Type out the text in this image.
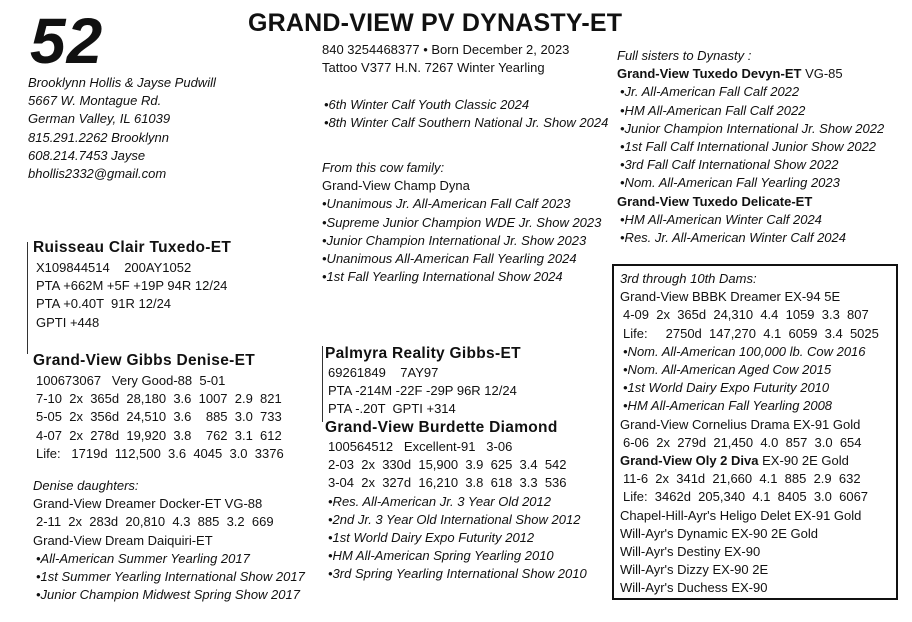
52	GRAND-VIEW PV DYNASTY-ET
Brooklynn Hollis & Jayse Pudwill
5667 W. Montague Rd.
German Valley, IL 61039
815.291.2262 Brooklynn
608.214.7453 Jayse
bhollis2332@gmail.com
840 3254468377 • Born December 2, 2023
Tattoo V377 H.N. 7267 Winter Yearling
•6th Winter Calf Youth Classic 2024
•8th Winter Calf Southern National Jr. Show 2024
From this cow family:
Grand-View Champ Dyna
•Unanimous Jr. All-American Fall Calf 2023
•Supreme Junior Champion WDE Jr. Show 2023
•Junior Champion International Jr. Show 2023
•Unanimous All-American Fall Yearling 2024
•1st Fall Yearling International Show 2024
Ruisseau Clair Tuxedo-ET
X109844514    200AY1052
PTA +662M +5F +19P 94R 12/24
PTA +0.40T  91R 12/24
GPTI +448
Grand-View Gibbs Denise-ET
100673067   Very Good-88  5-01
7-10  2x  365d  28,180  3.6  1007  2.9  821
5-05  2x  356d  24,510  3.6    885  3.0  733
4-07  2x  278d  19,920  3.8    762  3.1  612
Life:   1719d  112,500  3.6  4045  3.0  3376
Denise daughters:
Grand-View Dreamer Docker-ET VG-88
2-11  2x  283d  20,810  4.3  885  3.2  669
Grand-View Dream Daiquiri-ET
•All-American Summer Yearling 2017
•1st Summer Yearling International Show 2017
•Junior Champion Midwest Spring Show 2017
Palmyra Reality Gibbs-ET
69261849    7AY97
PTA -214M -22F -29P 96R 12/24
PTA -.20T  GPTI +314
Grand-View Burdette Diamond
100564512   Excellent-91   3-06
2-03  2x  330d  15,900  3.9  625  3.4  542
3-04  2x  327d  16,210  3.8  618  3.3  536
•Res. All-American Jr. 3 Year Old 2012
•2nd Jr. 3 Year Old International Show 2012
•1st World Dairy Expo Futurity 2012
•HM All-American Spring Yearling 2010
•3rd Spring Yearling International Show 2010
Full sisters to Dynasty :
Grand-View Tuxedo Devyn-ET VG-85
•Jr. All-American Fall Calf 2022
•HM All-American Fall Calf 2022
•Junior Champion International Jr. Show 2022
•1st Fall Calf International Junior Show 2022
•3rd Fall Calf International Show 2022
•Nom. All-American Fall Yearling 2023
Grand-View Tuxedo Delicate-ET
•HM All-American Winter Calf 2024
•Res. Jr. All-American Winter Calf 2024
3rd through 10th Dams:
Grand-View BBBK Dreamer EX-94 5E
4-09  2x  365d  24,310  4.4  1059  3.3  807
Life:     2750d  147,270  4.1  6059  3.4  5025
•Nom. All-American 100,000 lb. Cow 2016
•Nom. All-American Aged Cow 2015
•1st World Dairy Expo Futurity 2010
•HM All-American Fall Yearling 2008
Grand-View Cornelius Drama EX-91 Gold
6-06  2x  279d  21,450  4.0  857  3.0  654
Grand-View Oly 2 Diva EX-90 2E Gold
11-6  2x  341d  21,660  4.1  885  2.9  632
Life:  3462d  205,340  4.1  8405  3.0  6067
Chapel-Hill-Ayr's Heligo Delet EX-91 Gold
Will-Ayr's Dynamic EX-90 2E Gold
Will-Ayr's Destiny EX-90
Will-Ayr's Dizzy EX-90 2E
Will-Ayr's Duchess EX-90
